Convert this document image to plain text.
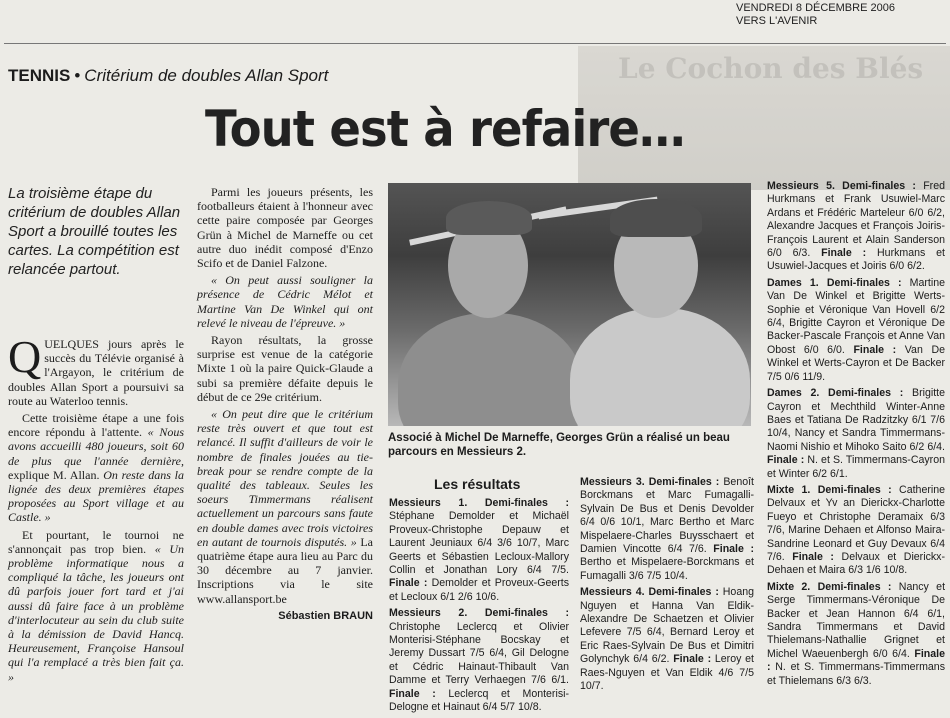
VENDREDI 8 DÉCEMBRE 2006
VERS L'AVENIR
Le Cochon des Blés
TENNIS • Critérium de doubles Allan Sport
Tout est à refaire…
La troisième étape du critérium de doubles Allan Sport a brouillé toutes les cartes. La compétition est relancée partout.

QUELQUES jours après le succès du Télévie organisé à l'Argayon, le critérium de doubles Allan Sport a poursuivi sa route au Waterloo tennis.

Cette troisième étape a une fois encore répondu à l'attente. « Nous avons accueilli 480 joueurs, soit 60 de plus que l'année dernière, explique M. Allan. On reste dans la lignée des deux premières étapes proposées au Sport village et au Castle. »

Et pourtant, le tournoi ne s'annonçait pas trop bien. « Un problème informatique nous a compliqué la tâche, les joueurs ont dû parfois jouer fort tard et j'ai aussi dû faire face à un problème d'interlocuteur au sein du club suite à la démission de David Hancq. Heureusement, Françoise Hansoul qui l'a remplacé a très bien fait ça. »

Parmi les joueurs présents, les footballeurs étaient à l'honneur avec cette paire composée par Georges Grün à Michel de Marneffe ou cet autre duo inédit composé d'Enzo Scifo et de Daniel Falzone.

« On peut aussi souligner la présence de Cédric Mélot et Martine Van De Winkel qui ont relevé le niveau de l'épreuve. »

Rayon résultats, la grosse surprise est venue de la catégorie Mixte 1 où la paire Quick-Glaude a subi sa première défaite depuis le début de ce 29e critérium.

« On peut dire que le critérium reste très ouvert et que tout est relancé. Il suffit d'ailleurs de voir le nombre de finales jouées au tie-break pour se rendre compte de la qualité des tableaux. Seules les soeurs Timmermans réalisent actuellement un parcours sans faute en double dames avec trois victoires en autant de tournois disputés. » La quatrième étape aura lieu au Parc du 30 décembre au 7 janvier. Inscriptions via le site www.allansport.be

Sébastien BRAUN
Associé à Michel De Marneffe, Georges Grün a réalisé un beau parcours en Messieurs 2.
Les résultats

Messieurs 1. Demi-finales : Stéphane Demolder et Michaël Proveux-Christophe Depauw et Laurent Jeuniaux 6/4 3/6 10/7, Marc Geerts et Sébastien Lecloux-Mallory Collin et Jonathan Lory 6/4 7/5. Finale : Demolder et Proveux-Geerts et Lecloux 6/1 2/6 10/6.

Messieurs 2. Demi-finales : Christophe Leclercq et Olivier Monterisi-Stéphane Bocskay et Jeremy Dussart 7/5 6/4, Gil Delogne et Cédric Hainaut-Thibault Van Damme et Terry Verhaegen 7/6 6/1. Finale : Leclercq et Monterisi-Delogne et Hainaut 6/4 5/7 10/8.

Messieurs 3. Demi-finales : Benoît Borckmans et Marc Fumagalli-Sylvain De Bus et Denis Devolder 6/4 0/6 10/1, Marc Bertho et Marc Mispelaere-Charles Buysschaert et Damien Vincotte 6/4 7/6. Finale : Bertho et Mispelaere-Borckmans et Fumagalli 3/6 7/5 10/4.

Messieurs 4. Demi-finales : Hoang Nguyen et Hanna Van Eldik-Alexandre De Schaetzen et Olivier Lefevere 7/5 6/4, Bernard Leroy et Eric Raes-Sylvain De Bus et Dimitri Golynchyk 6/4 6/2. Finale : Leroy et Raes-Nguyen et Van Eldik 4/6 7/5 10/7.

Messieurs 5. Demi-finales : Fred Hurkmans et Frank Usuwiel-Marc Ardans et Frédéric Marteleur 6/0 6/2, Alexandre Jacques et François Joiris-François Laurent et Alain Sanderson 6/0 6/3. Finale : Hurkmans et Usuwiel-Jacques et Joiris 6/0 6/2.

Dames 1. Demi-finales : Martine Van De Winkel et Brigitte Werts-Sophie et Véronique Van Hovell 6/2 6/4, Brigitte Cayron et Véronique De Backer-Pascale François et Anne Van Obost 6/0 6/0. Finale : Van De Winkel et Werts-Cayron et De Backer 7/5 0/6 11/9.

Dames 2. Demi-finales : Brigitte Cayron et Mechthild Winter-Anne Baes et Tatiana De Radzitzky 6/1 7/6 10/4, Nancy et Sandra Timmermans-Naomi Nishio et Mihoko Saito 6/2 6/4. Finale : N. et S. Timmermans-Cayron et Winter 6/2 6/1.

Mixte 1. Demi-finales : Catherine Delvaux et Yv an Dierickx-Charlotte Fueyo et Christophe Deramaix 6/3 7/6, Marine Dehaen et Alfonso Maira-Sandrine Leonard et Guy Devaux 6/4 7/6. Finale : Delvaux et Dierickx-Dehaen et Maira 6/3 1/6 10/8.

Mixte 2. Demi-finales : Nancy et Serge Timmermans-Véronique De Backer et Jean Hannon 6/4 6/1, Sandra Timmermans et David Thielemans-Nathallie Grignet et Michel Waeuenbergh 6/0 6/4. Finale : N. et S. Timmermans-Timmermans et Thielemans 6/3 6/3.
